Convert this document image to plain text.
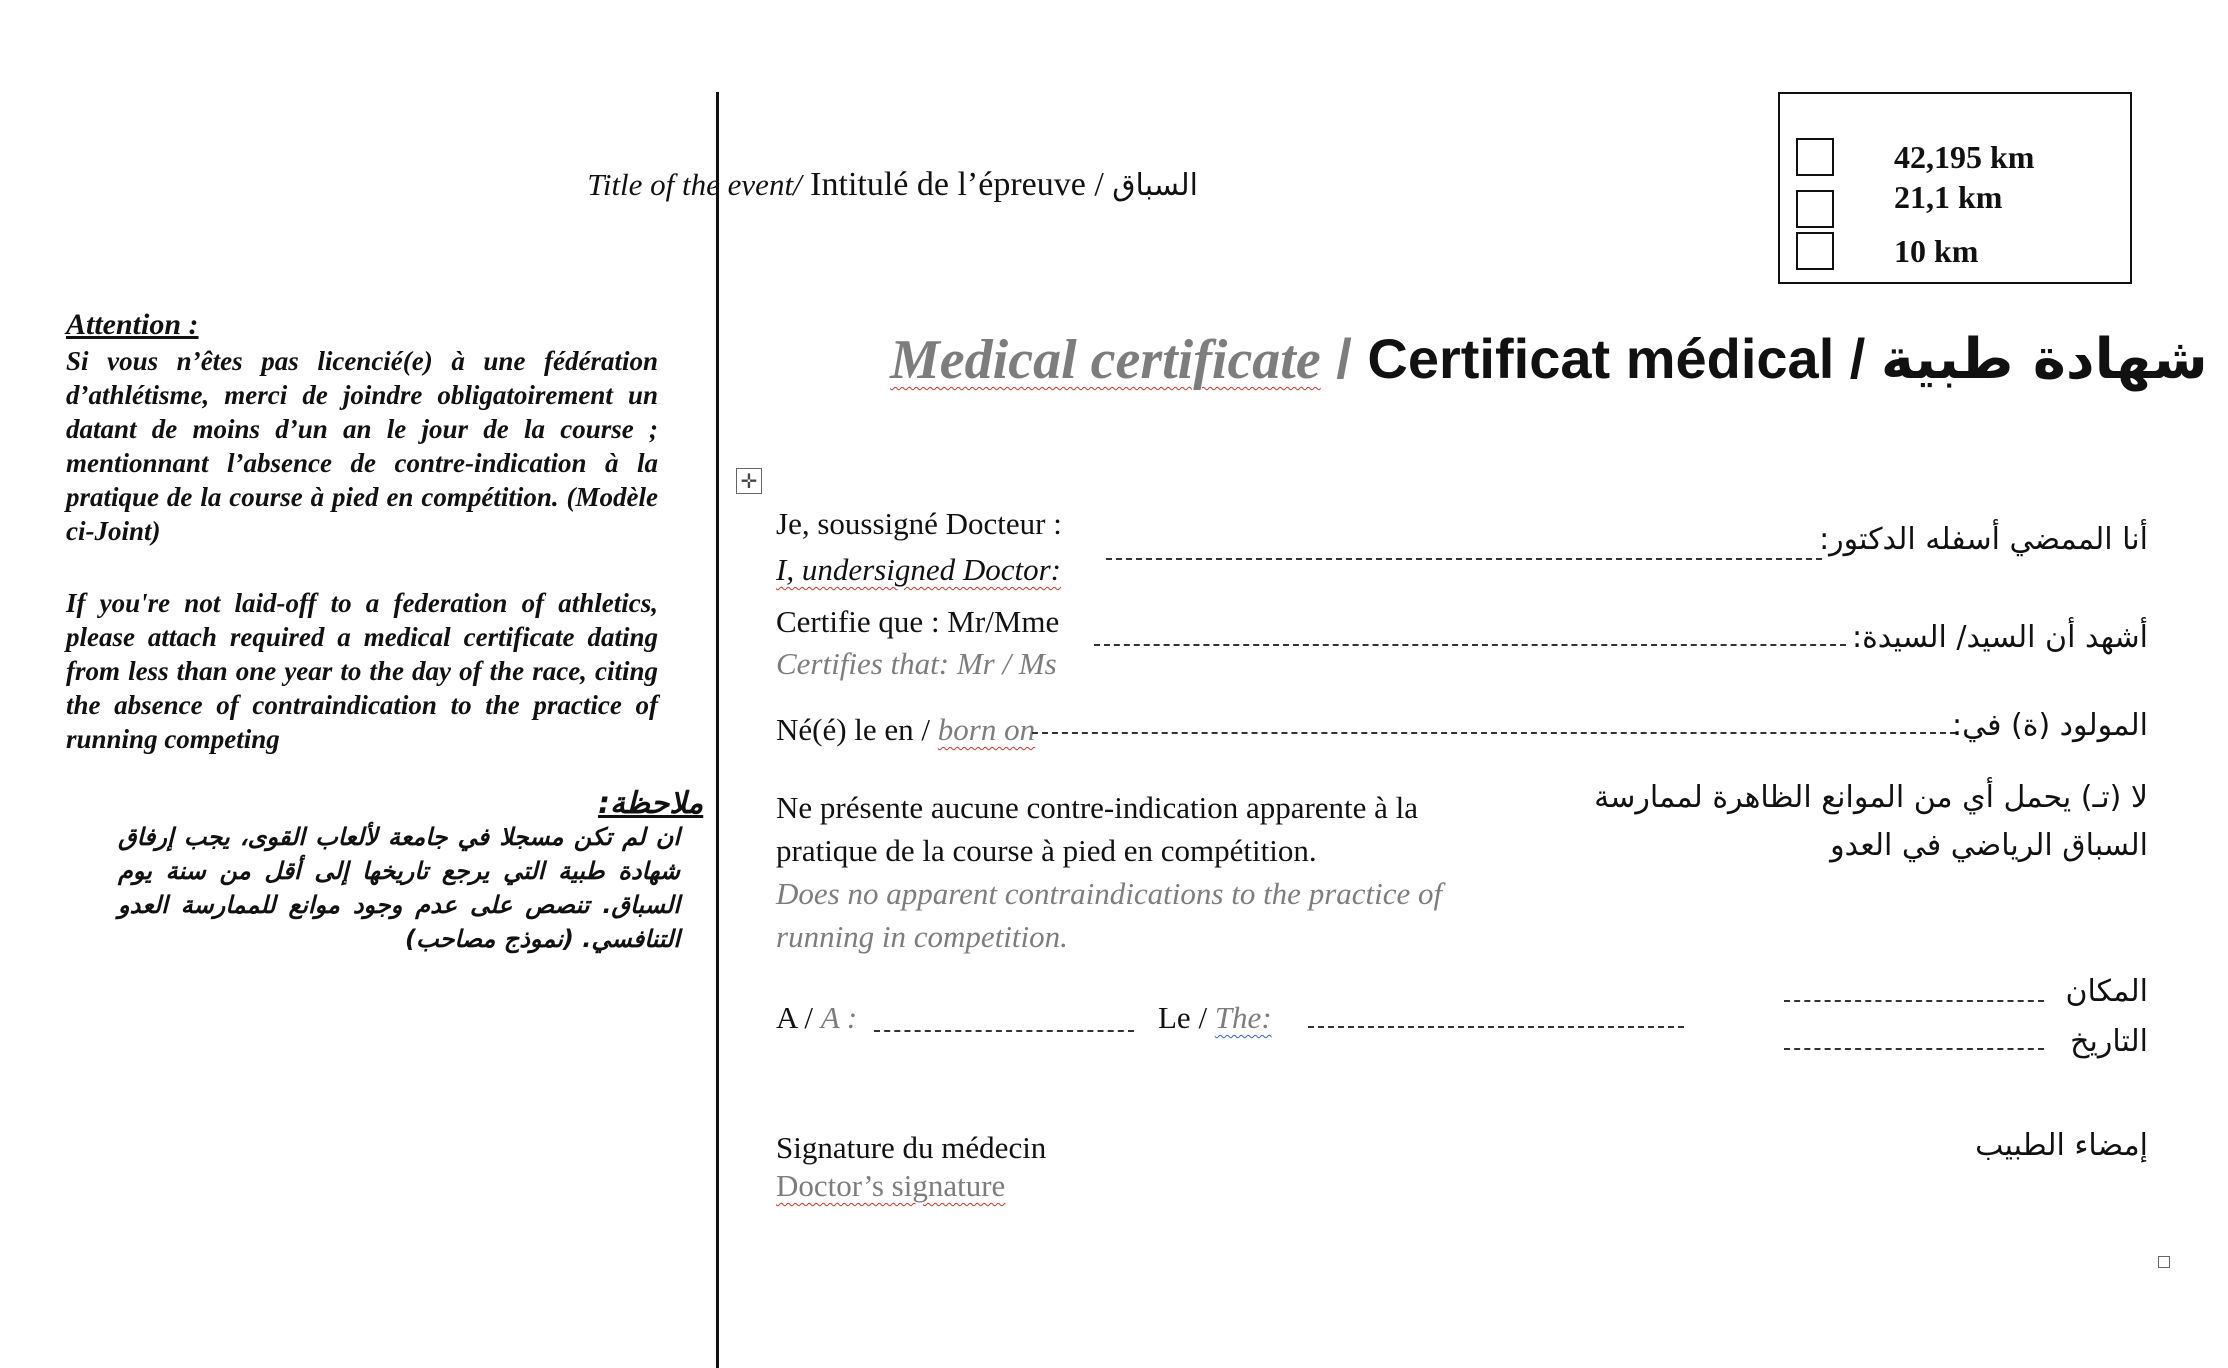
Attention :
Si vous n’êtes pas licencié(e) à une fédération d’athlétisme, merci de joindre obligatoirement un datant de moins d’un an le jour de la course ; mentionnant l’absence de contre-indication à la pratique de la course à pied en compétition. (Modèle ci-Joint)
If you're not laid-off to a federation of athletics, please attach required a medical certificate dating from less than one year to the day of the race, citing the absence of contraindication to the practice of running competing
ملاحظة:
ان لم تكن مسجلا في جامعة لألعاب القوى، يجب إرفاق شهادة طبية التي يرجع تاريخها إلى أقل من سنة يوم السباق. تنصص على عدم وجود موانع للممارسة العدو التنافسي. (نموذج مصاحب)
Title of the event/ Intitulé de l’épreuve / السباق
42,195 km
21,1 km
10 km
Medical certificate / Certificat médical / شهادة طبية
✛
Je, soussigné Docteur :
I, undersigned Doctor:
أنا الممضي أسفله الدكتور:
Certifie que : Mr/Mme
Certifies that: Mr / Ms
أشهد أن السيد/ السيدة:
Né(é) le en / born on	المولود (ة) في:
Ne présente aucune contre-indication apparente à la pratique de la course à pied en compétition.
Does no apparent contraindications to the practice of running in competition.
لا (تـ) يحمل أي من الموانع الظاهرة لممارسة السباق الرياضي في العدو
A / A :	Le / The:
المكان
التاريخ
Signature du médecin
Doctor’s signature
إمضاء الطبيب
